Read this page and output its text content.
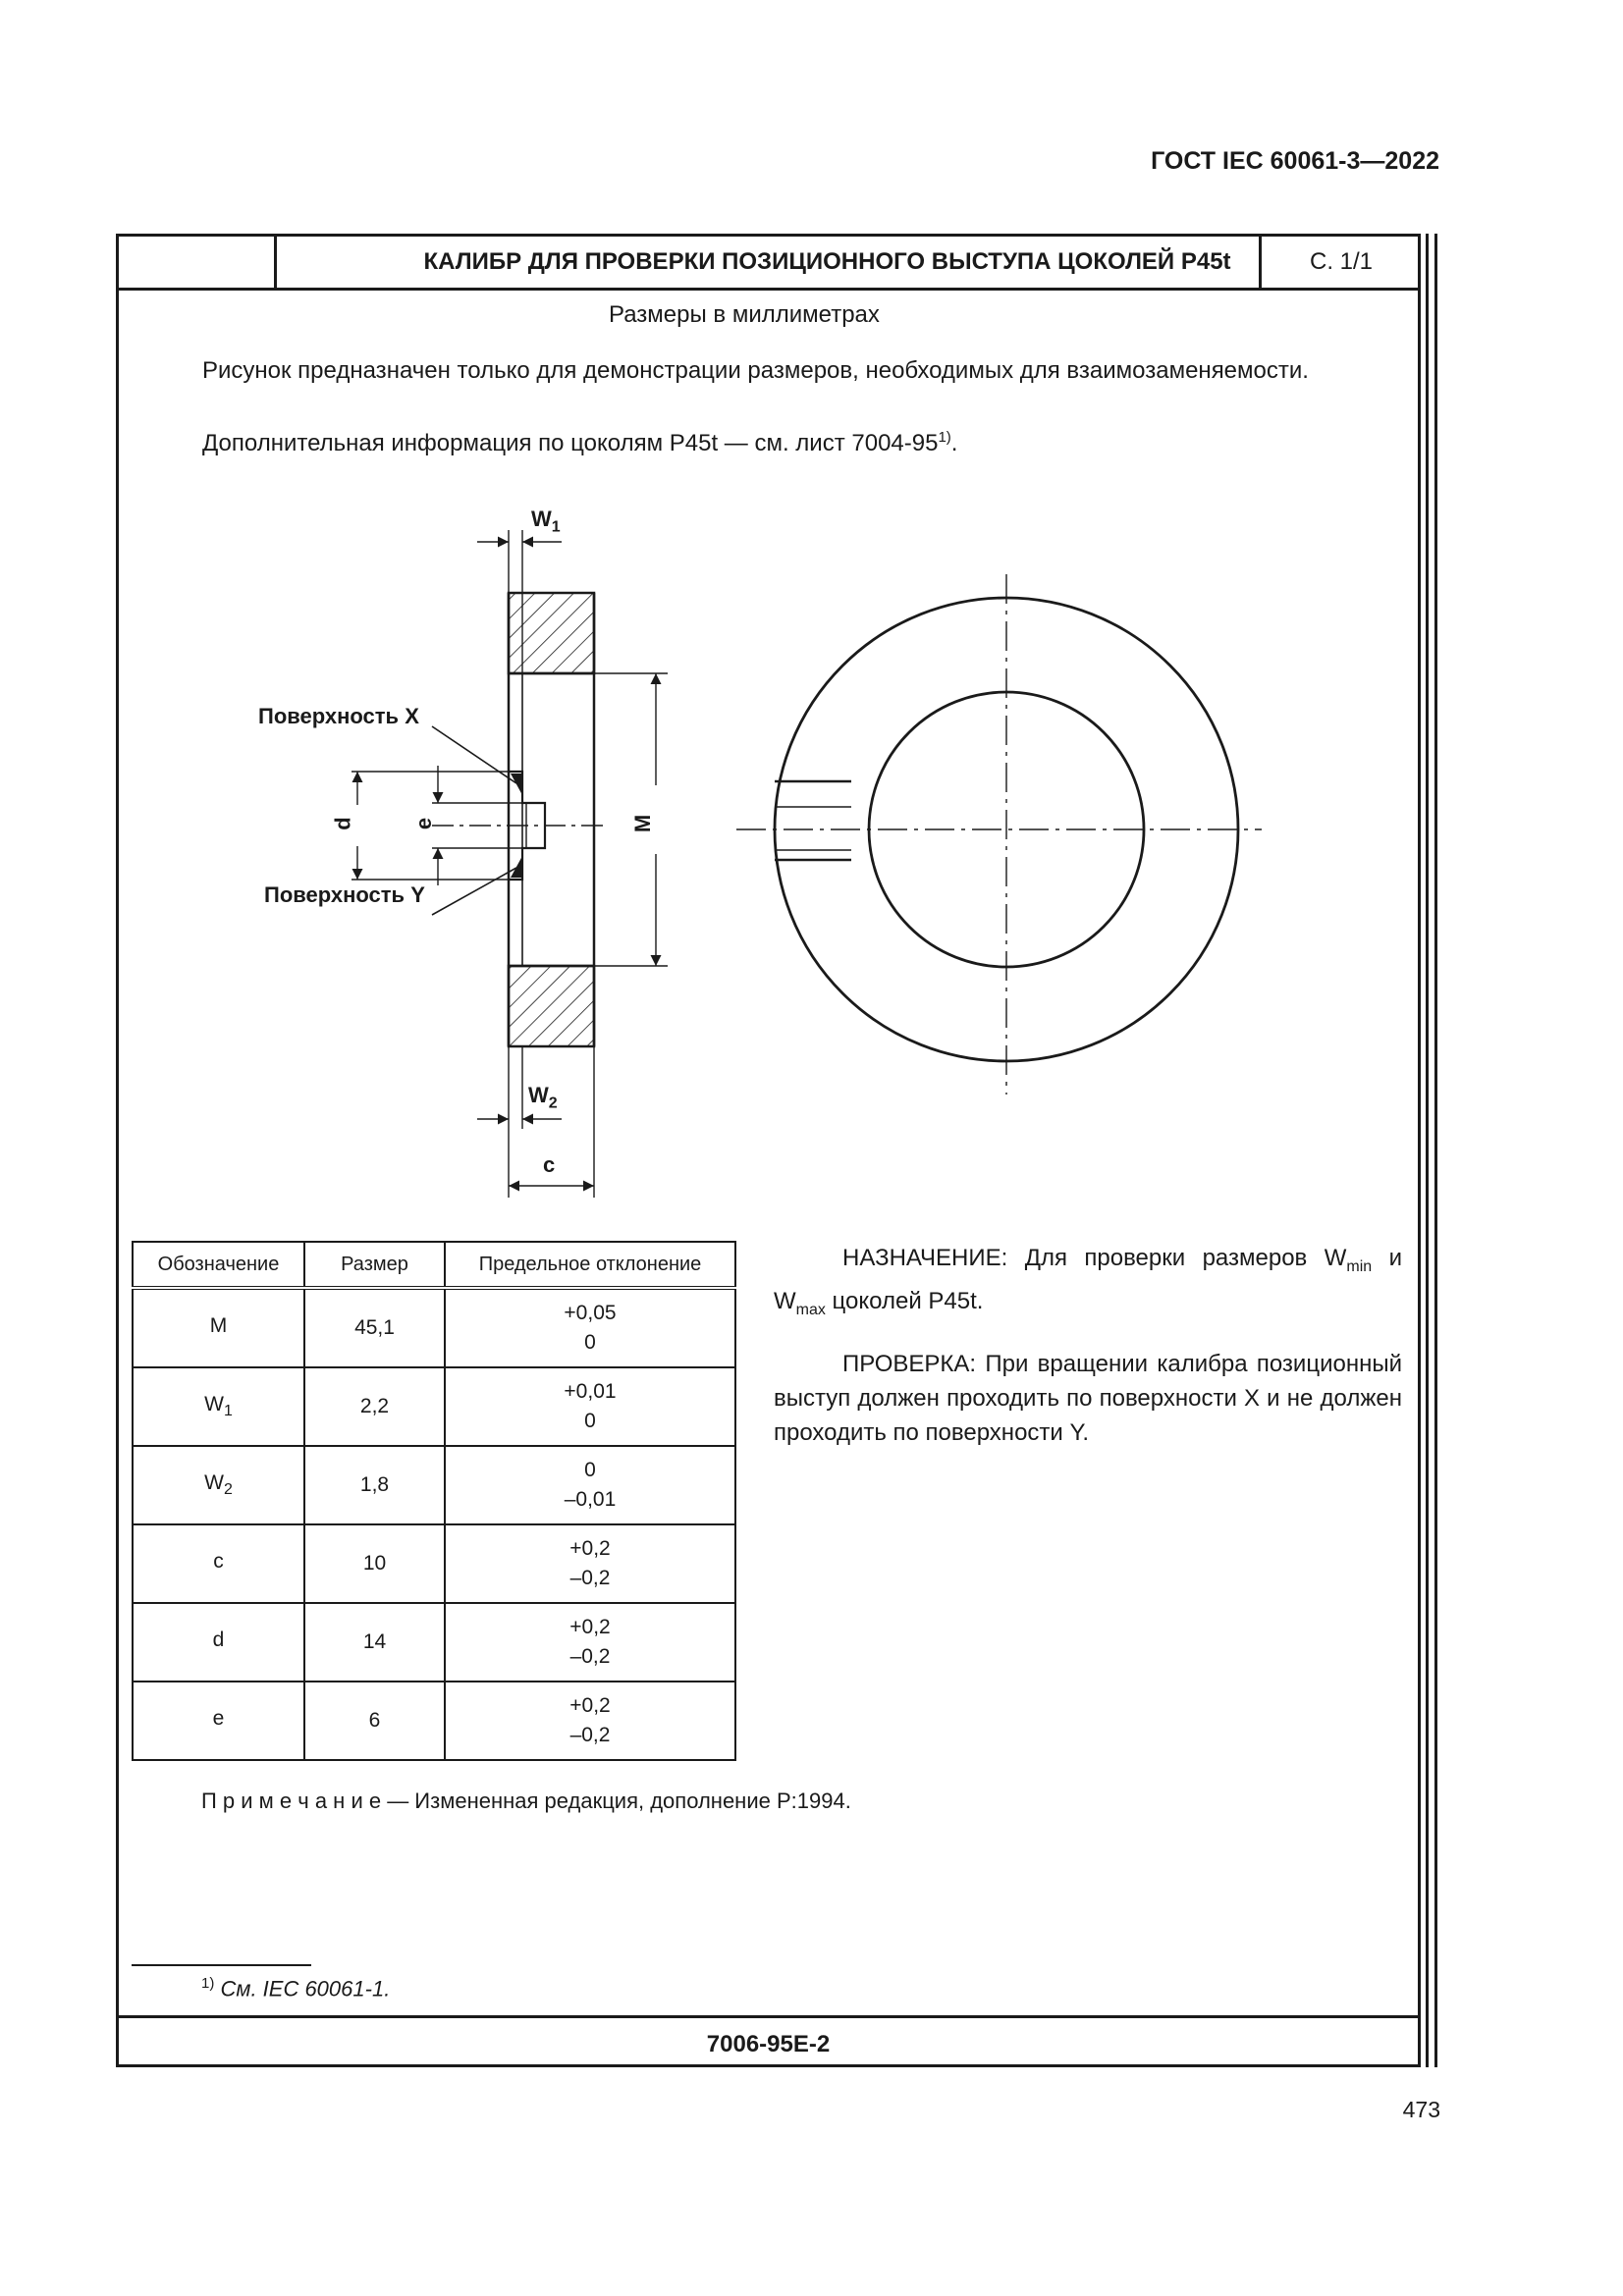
ГОСТ IEC 60061-3—2022
КАЛИБР ДЛЯ ПРОВЕРКИ ПОЗИЦИОННОГО ВЫСТУПА ЦОКОЛЕЙ P45t	С. 1/1
7006-95E-2
Размеры в миллиметрах
Рисунок предназначен только для демонстрации размеров, необходимых для взаимозаменяемости.
Дополнительная информация по цоколям P45t — см. лист 7004-95$^{1)}$.
$W_1$
$W_2$
Поверхность X
Поверхность Y
d	e	M
c
Обозначение	Размер	Предельное отклонение
M	45,1	+0,05
0

$W_1$	2,2	+0,01
0

$W_2$	1,8	0
–0,01

c	10	+0,2
–0,2

d	14	+0,2
–0,2

e	6	+0,2
–0,2

НАЗНАЧЕНИЕ: Для проверки размеров $W_{min}$ и $W_{max}$ цоколей P45t.

ПРОВЕРКА: При вращении калибра позиционный выступ должен проходить по поверхности X и не должен проходить по поверхности Y.

П р и м е ч а н и е — Измененная редакция, дополнение P:1994.
$^{1)}$ См. IEC 60061-1.
473
